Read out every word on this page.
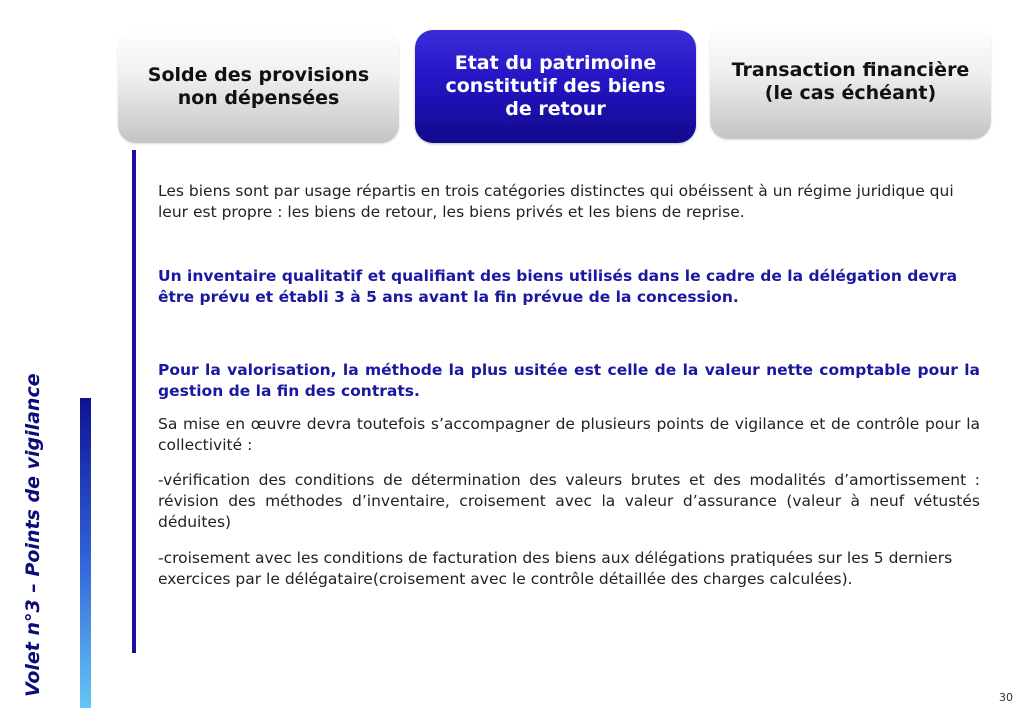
Solde des provisions non dépensées
Etat du patrimoine constitutif des biens de retour
Transaction financière (le cas échéant)
Volet n°3 – Points de vigilance

Les biens sont par usage répartis en trois catégories distinctes qui obéissent à un régime juridique qui leur est propre : les biens de retour, les biens privés et les biens de reprise.

Un inventaire qualitatif et qualifiant des biens utilisés dans le cadre de la délégation devra être prévu et établi 3 à 5 ans avant la fin prévue de la concession.

Pour la valorisation, la méthode la plus usitée est celle de la valeur nette comptable pour la gestion de la fin des contrats.

Sa mise en œuvre devra toutefois s’accompagner de plusieurs points de vigilance et de contrôle pour la collectivité :

-vérification des conditions de détermination des valeurs brutes et des modalités d’amortissement : révision des méthodes d’inventaire, croisement avec la valeur d’assurance (valeur à neuf vétustés déduites)

-croisement avec les conditions de facturation des biens aux délégations pratiquées sur les 5 derniers exercices par le délégataire(croisement avec le contrôle détaillée des charges calculées).

30
